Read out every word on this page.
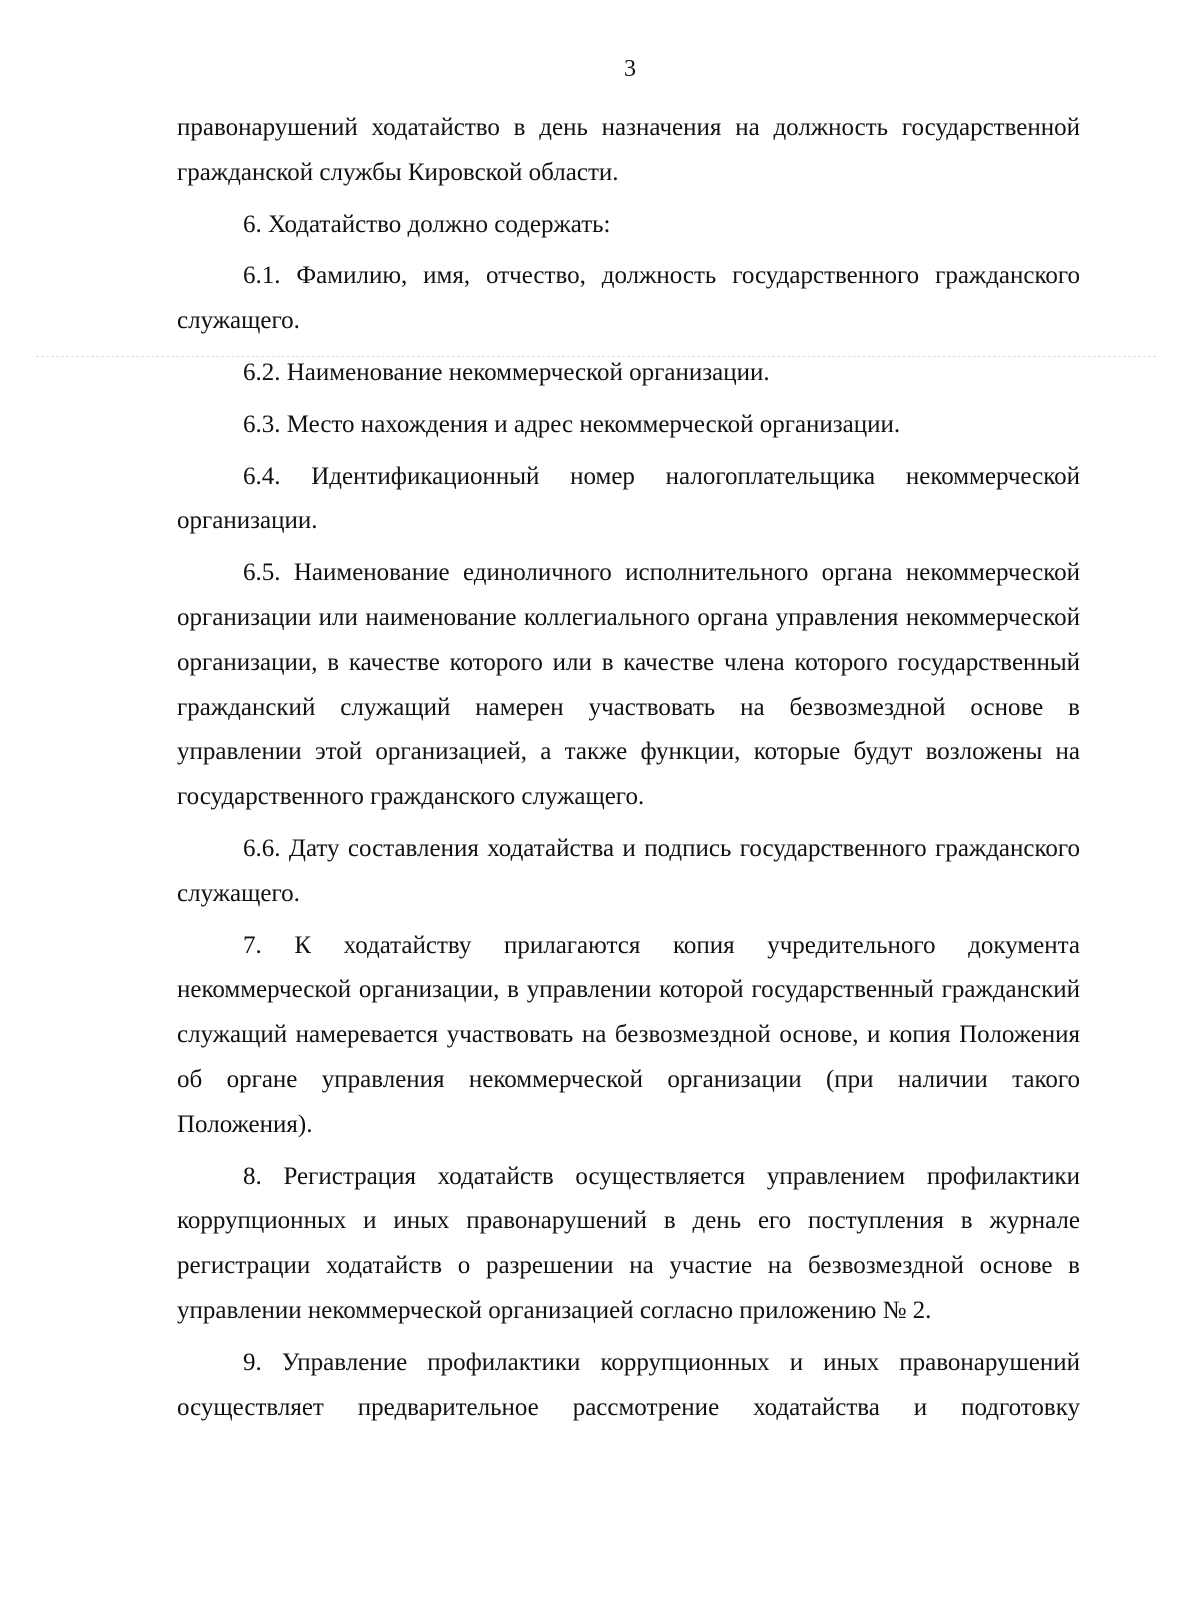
3

правонарушений ходатайство в день назначения на должность государственной гражданской службы Кировской области.

6. Ходатайство должно содержать:

6.1. Фамилию, имя, отчество, должность государственного гражданского служащего.

6.2. Наименование некоммерческой организации.

6.3. Место нахождения и адрес некоммерческой организации.

6.4. Идентификационный номер налогоплательщика некоммерческой организации.

6.5. Наименование единоличного исполнительного органа некоммерческой организации или наименование коллегиального органа управления некоммерческой организации, в качестве которого или в качестве члена которого государственный гражданский служащий намерен участвовать на безвозмездной основе в управлении этой организацией, а также функции, которые будут возложены на государственного гражданского служащего.

6.6. Дату составления ходатайства и подпись государственного гражданского служащего.

7. К ходатайству прилагаются копия учредительного документа некоммерческой организации, в управлении которой государственный гражданский служащий намеревается участвовать на безвозмездной основе, и копия Положения об органе управления некоммерческой организации (при наличии такого Положения).

8. Регистрация ходатайств осуществляется управлением профилактики коррупционных и иных правонарушений в день его поступления в журнале регистрации ходатайств о разрешении на участие на безвозмездной основе в управлении некоммерческой организацией согласно приложению № 2.

9. Управление профилактики коррупционных и иных правонарушений осуществляет предварительное рассмотрение ходатайства и подготовку
